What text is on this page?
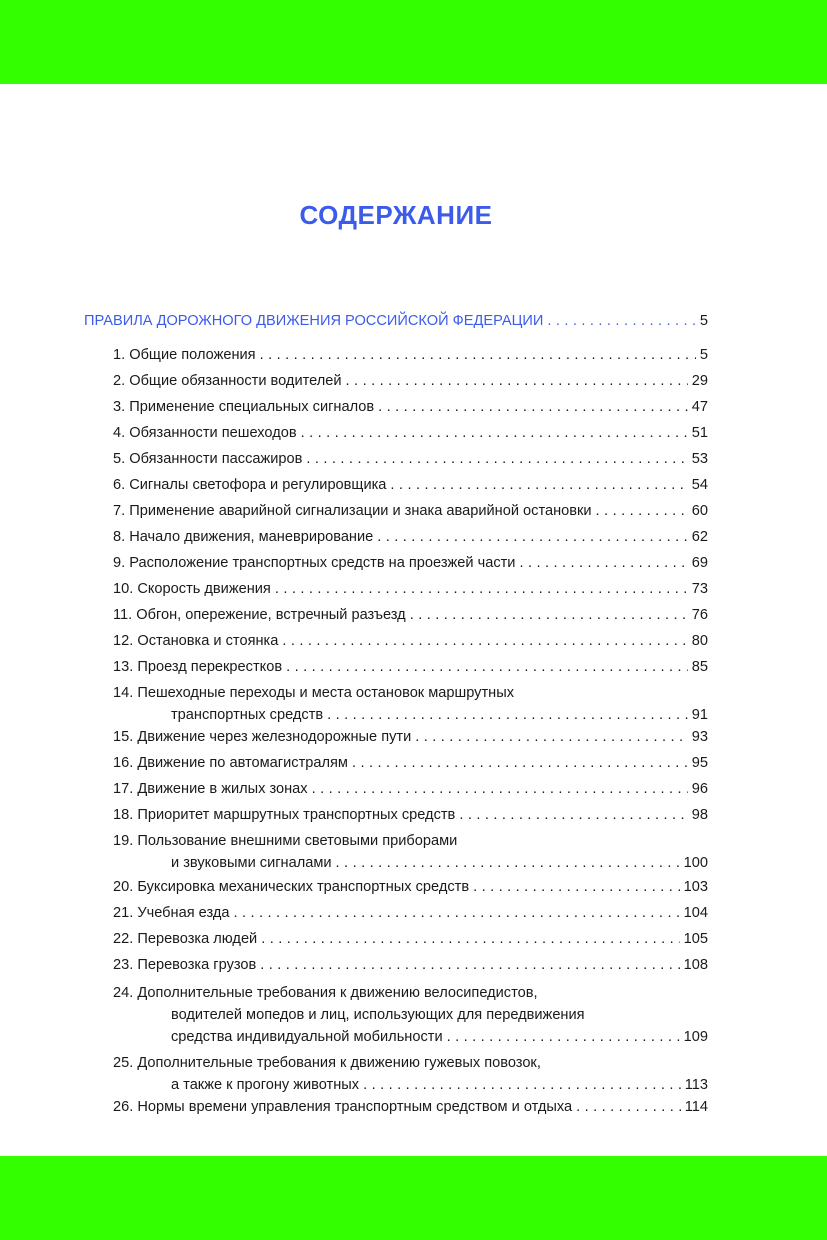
СОДЕРЖАНИЕ
ПРАВИЛА ДОРОЖНОГО ДВИЖЕНИЯ РОССИЙСКОЙ ФЕДЕРАЦИИ . . .	5
1. Общие положения . . .	5
2. Общие обязанности водителей . . .	29
3. Применение специальных сигналов . . .	47
4. Обязанности пешеходов . . .	51
5. Обязанности пассажиров . . .	53
6. Сигналы светофора и регулировщика . . .	54
7. Применение аварийной сигнализации и знака аварийной остановки . . .	60
8. Начало движения, маневрирование . . .	62
9. Расположение транспортных средств на проезжей части . . .	69
10. Скорость движения . . .	73
11. Обгон, опережение, встречный разъезд . . .	76
12. Остановка и стоянка . . .	80
13. Проезд перекрестков . . .	85
14. Пешеходные переходы и места остановок маршрутных
транспортных средств . . .	91
15. Движение через железнодорожные пути . . .	93
16. Движение по автомагистралям . . .	95
17. Движение в жилых зонах . . .	96
18. Приоритет маршрутных транспортных средств . . .	98
19. Пользование внешними световыми приборами
и звуковыми сигналами . . .	100
20. Буксировка механических транспортных средств . . .	103
21. Учебная езда . . .	104
22. Перевозка людей . . .	105
23. Перевозка грузов . . .	108
24. Дополнительные требования к движению велосипедистов,
водителей мопедов и лиц, использующих для передвижения
средства индивидуальной мобильности . . .	109
25. Дополнительные требования к движению гужевых повозок,
а также к прогону животных . . .	113
26. Нормы времени управления транспортным средством и отдыха . . .	114
